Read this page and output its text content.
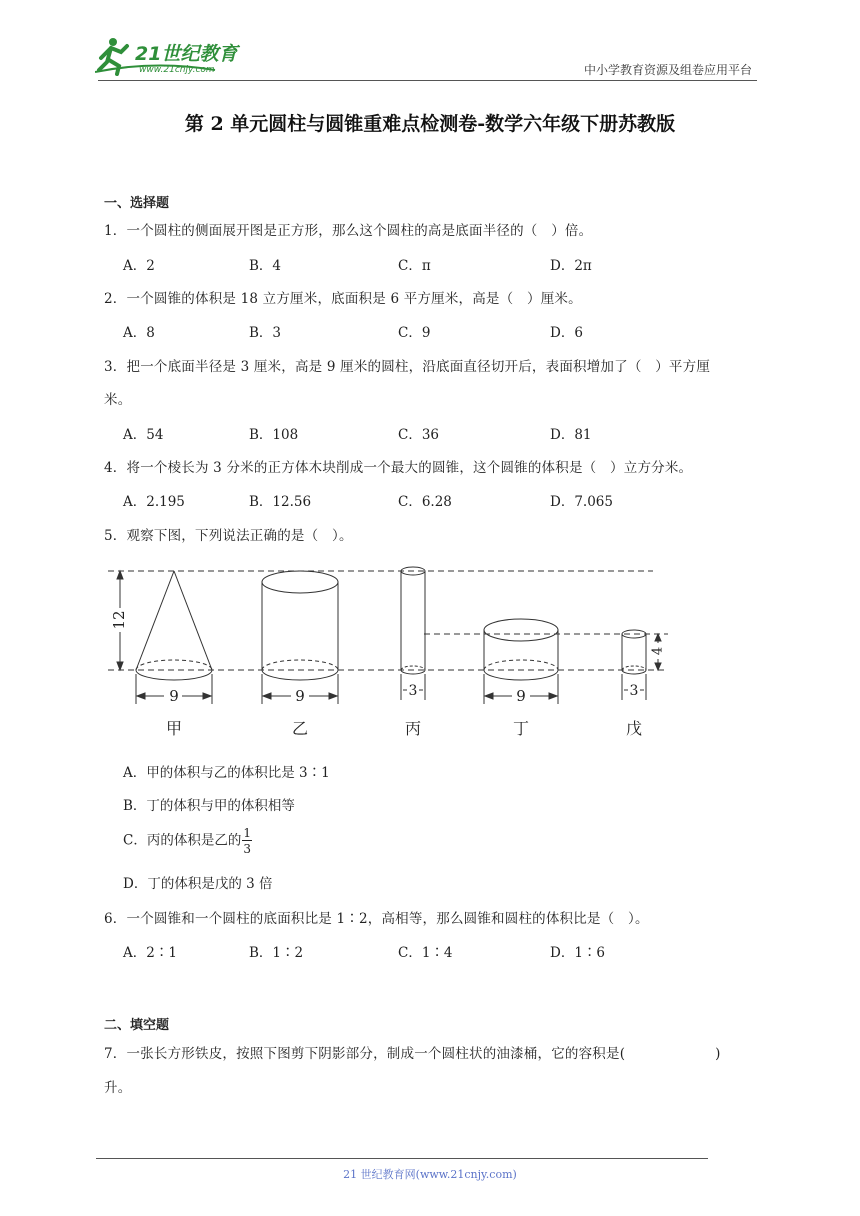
21世纪教育
www.21cnjy.com	中小学教育资源及组卷应用平台
第 2 单元圆柱与圆锥重难点检测卷-数学六年级下册苏教版
一、选择题
1．一个圆柱的侧面展开图是正方形，那么这个圆柱的高是底面半径的（　）倍。
A．2	B．4	C．π	D．2π
2．一个圆锥的体积是 18 立方厘米，底面积是 6 平方厘米，高是（　）厘米。
A．8	B．3	C．9	D．6
3．把一个底面半径是 3 厘米，高是 9 厘米的圆柱，沿底面直径切开后，表面积增加了（　）平方厘
米。
A．54	B．108	C．36	D．81
4．将一个棱长为 3 分米的正方体木块削成一个最大的圆锥，这个圆锥的体积是（　）立方分米。
A．2.195	B．12.56	C．6.28	D．7.065
5．观察下图，下列说法正确的是（　）。
12
4
9	9	3	9	3
甲	乙	丙	丁	戊
A．甲的体积与乙的体积比是 3∶1
B．丁的体积与甲的体积相等
C．丙的体积是乙的 $\frac{1}{3}$
D．丁的体积是戊的 3 倍
6．一个圆锥和一个圆柱的底面积比是 1∶2，高相等，那么圆锥和圆柱的体积比是（　）。
A．2∶1	B．1∶2	C．1∶4	D．1∶6
二、填空题
7．一张长方形铁皮，按照下图剪下阴影部分，制成一个圆柱状的油漆桶，它的容积是(	)
升。
21 世纪教育网(www.21cnjy.com)
